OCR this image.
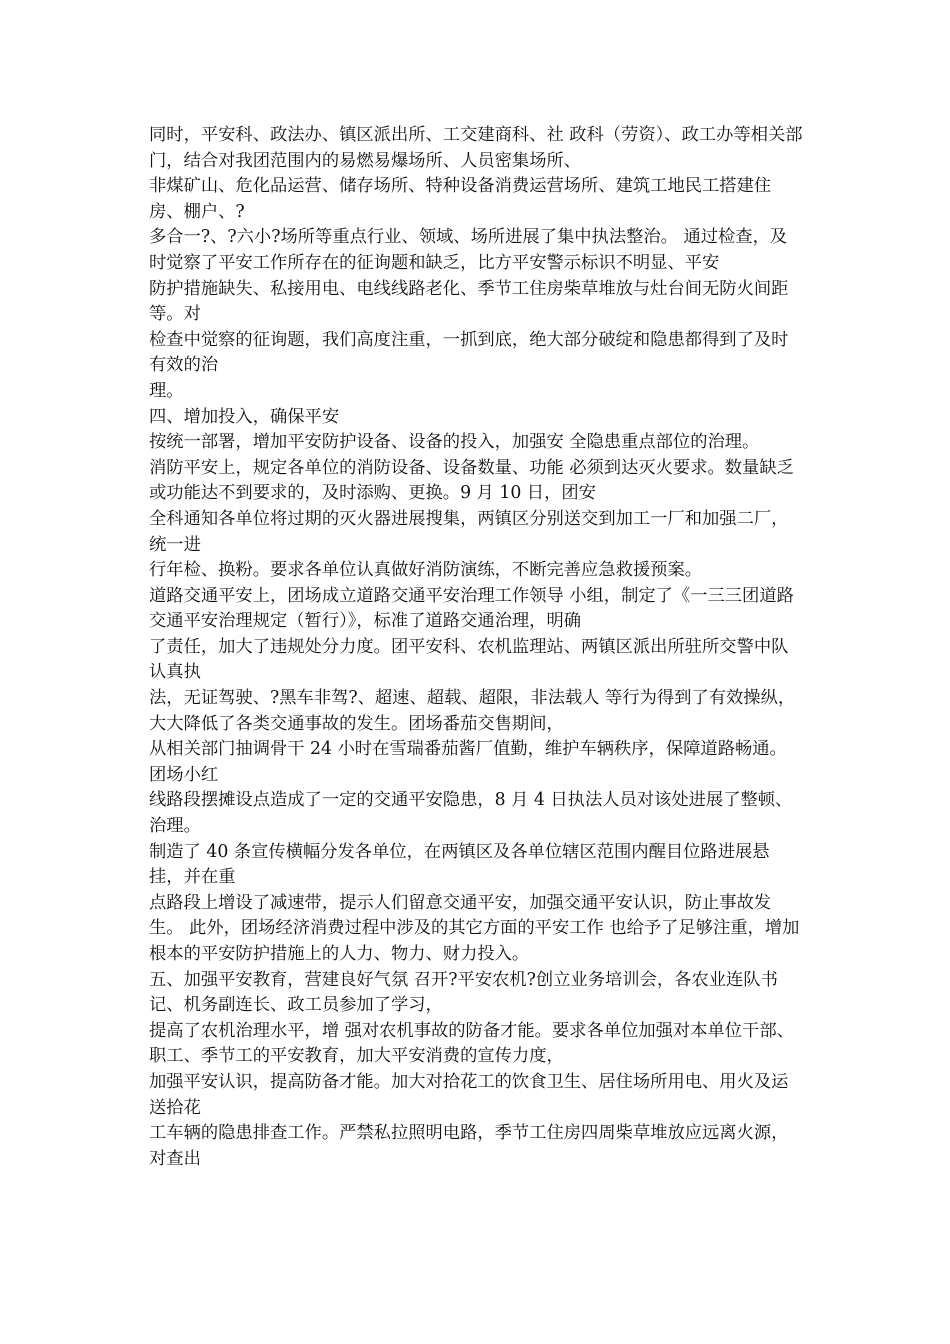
同时，平安科、政法办、镇区派出所、工交建商科、社 政科（劳资）、政工办等相关部门，结合对我团范围内的易燃易爆场所、人员密集场所、

非煤矿山、危化品运营、储存场所、特种设备消费运营场所、建筑工地民工搭建住房、棚户、?

多合一?、?六小?场所等重点行业、领域、场所进展了集中执法整治。 通过检查，及时觉察了平安工作所存在的征询题和缺乏，比方平安警示标识不明显、平安

防护措施缺失、私接用电、电线线路老化、季节工住房柴草堆放与灶台间无防火间距等。对

检查中觉察的征询题，我们高度注重，一抓到底，绝大部分破绽和隐患都得到了及时有效的治

理。

四、增加投入，确保平安

按统一部署，增加平安防护设备、设备的投入，加强安 全隐患重点部位的治理。

消防平安上，规定各单位的消防设备、设备数量、功能 必须到达灭火要求。数量缺乏或功能达不到要求的，及时添购、更换。9 月 10 日，团安

全科通知各单位将过期的灭火器进展搜集，两镇区分别送交到加工一厂和加强二厂，统一进

行年检、换粉。要求各单位认真做好消防演练，不断完善应急救援预案。

道路交通平安上，团场成立道路交通平安治理工作领导 小组，制定了《一三三团道路交通平安治理规定（暂行）》，标准了道路交通治理，明确

了责任，加大了违规处分力度。团平安科、农机监理站、两镇区派出所驻所交警中队认真执

法，无证驾驶、?黑车非驾?、超速、超载、超限，非法载人 等行为得到了有效操纵，大大降低了各类交通事故的发生。团场番茄交售期间，

从相关部门抽调骨干 24 小时在雪瑞番茄酱厂值勤，维护车辆秩序，保障道路畅通。团场小红

线路段摆摊设点造成了一定的交通平安隐患，8 月 4 日执法人员对该处进展了整顿、治理。

制造了 40 条宣传横幅分发各单位，在两镇区及各单位辖区范围内醒目位路进展悬挂，并在重

点路段上增设了减速带，提示人们留意交通平安，加强交通平安认识，防止事故发生。 此外，团场经济消费过程中涉及的其它方面的平安工作 也给予了足够注重，增加根本的平安防护措施上的人力、物力、财力投入。

五、加强平安教育，营建良好气氛 召开?平安农机?创立业务培训会，各农业连队书记、机务副连长、政工员参加了学习，

提高了农机治理水平，增 强对农机事故的防备才能。要求各单位加强对本单位干部、职工、季节工的平安教育，加大平安消费的宣传力度，

加强平安认识，提高防备才能。加大对拾花工的饮食卫生、居住场所用电、用火及运送拾花

工车辆的隐患排查工作。严禁私拉照明电路，季节工住房四周柴草堆放应远离火源，对查出
